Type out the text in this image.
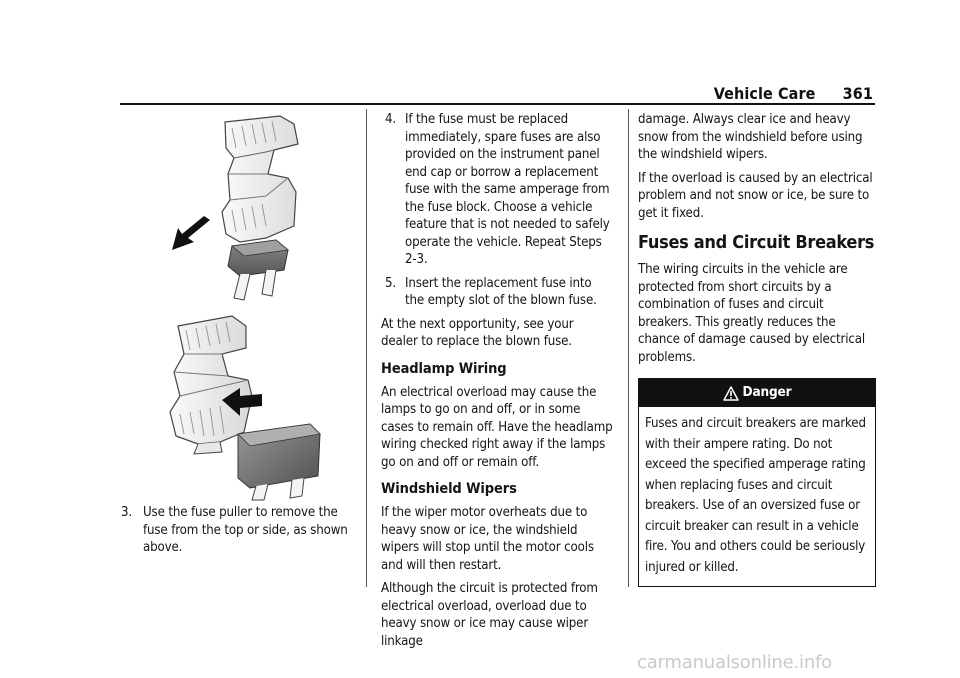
Vehicle Care 361
3. Use the fuse puller to remove the fuse from the top or side, as shown above.
4. If the fuse must be replaced immediately, spare fuses are also provided on the instrument panel end cap or borrow a replacement fuse with the same amperage from the fuse block. Choose a vehicle feature that is not needed to safely operate the vehicle. Repeat Steps 2-3.
5. Insert the replacement fuse into the empty slot of the blown fuse.

At the next opportunity, see your dealer to replace the blown fuse.

Headlamp Wiring

An electrical overload may cause the lamps to go on and off, or in some cases to remain off. Have the headlamp wiring checked right away if the lamps go on and off or remain off.

Windshield Wipers

If the wiper motor overheats due to heavy snow or ice, the windshield wipers will stop until the motor cools and will then restart.

Although the circuit is protected from electrical overload, overload due to heavy snow or ice may cause wiper linkage

damage. Always clear ice and heavy snow from the windshield before using the windshield wipers.

If the overload is caused by an electrical problem and not snow or ice, be sure to get it fixed.

Fuses and Circuit Breakers

The wiring circuits in the vehicle are protected from short circuits by a combination of fuses and circuit breakers. This greatly reduces the chance of damage caused by electrical problems.

Danger
Fuses and circuit breakers are marked with their ampere rating. Do not exceed the specified amperage rating when replacing fuses and circuit breakers. Use of an oversized fuse or circuit breaker can result in a vehicle fire. You and others could be seriously injured or killed.
carmanualsonline.info
